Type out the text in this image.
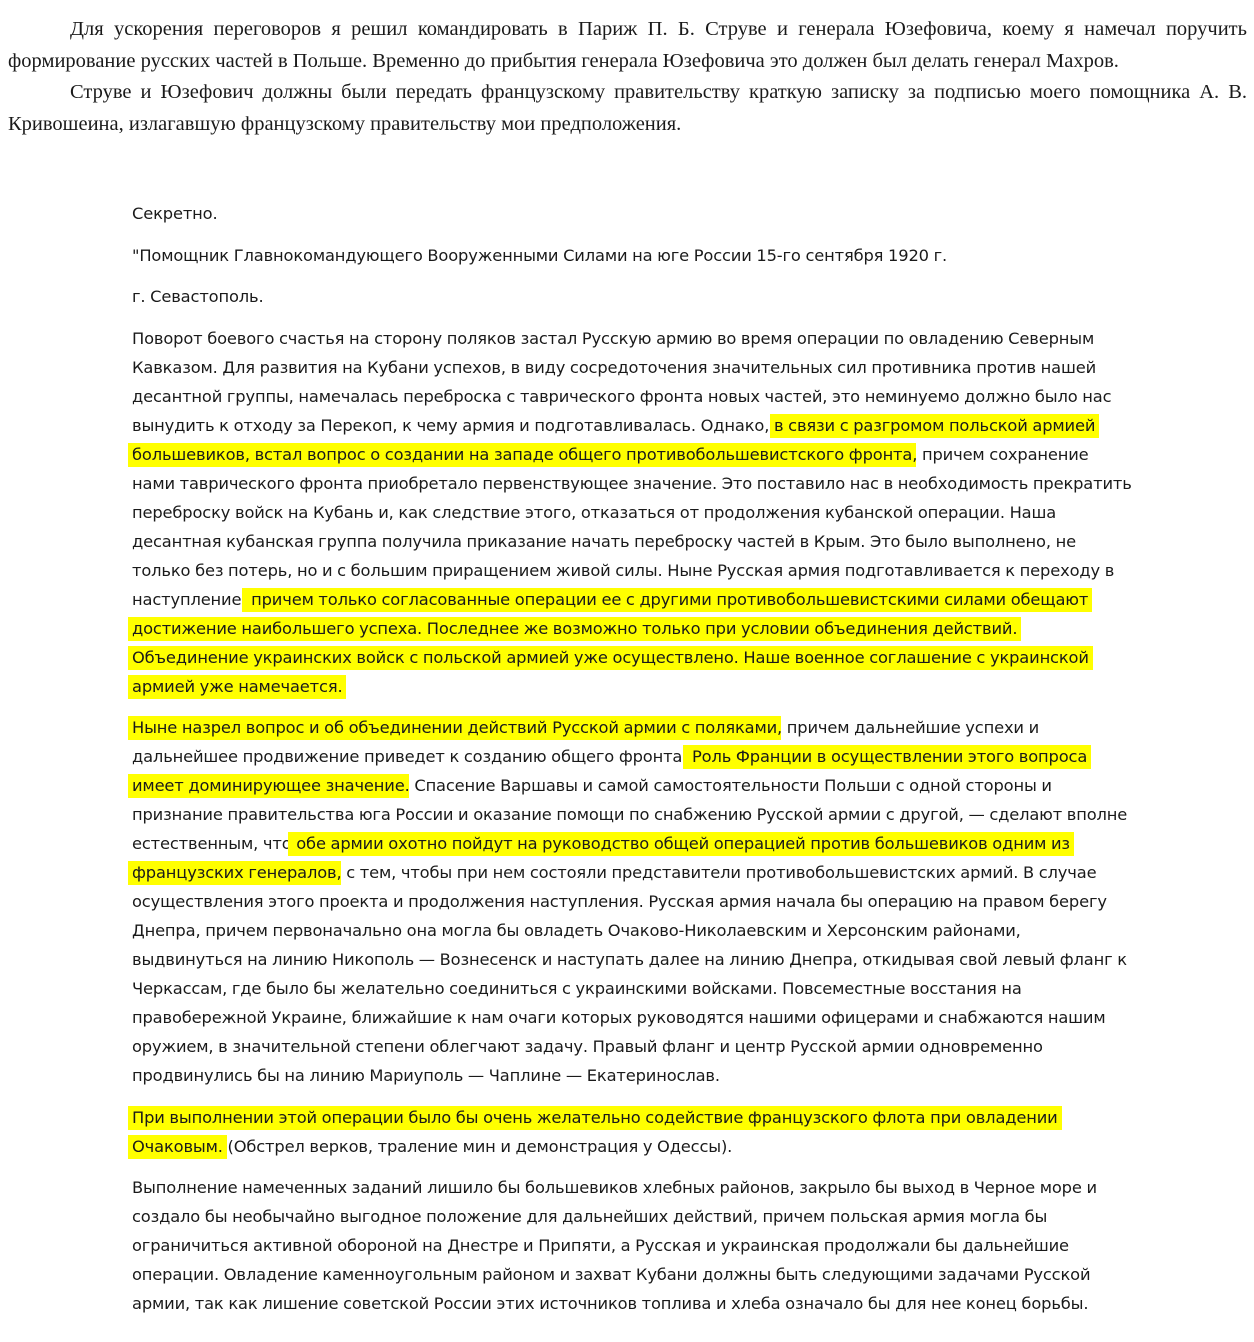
Для ускорения переговоров я решил командировать в Париж П. Б. Струве и генерала Юзефовича, коему я намечал поручить формирование русских частей в Польше. Временно до прибытия генерала Юзефовича это должен был делать генерал Махров.

Струве и Юзефович должны были передать французскому правительству краткую записку за подписью моего помощника А. В. Кривошеина, излагавшую французскому правительству мои предположения.

Секретно.

"Помощник Главнокомандующего Вооруженными Силами на юге России 15-го сентября 1920 г.

г. Севастополь.

Поворот боевого счастья на сторону поляков застал Русскую армию во время операции по овладению Северным Кавказом. Для развития на Кубани успехов, в виду сосредоточения значительных сил противника против нашей десантной группы, намечалась переброска с таврического фронта новых частей, это неминуемо должно было нас вынудить к отходу за Перекоп, к чему армия и подготавливалась. Однако, в связи с разгромом польской армией большевиков, встал вопрос о создании на западе общего противобольшевистского фронта, причем сохранение нами таврического фронта приобретало первенствующее значение. Это поставило нас в необходимость прекратить переброску войск на Кубань и, как следствие этого, отказаться от продолжения кубанской операции. Наша десантная кубанская группа получила приказание начать переброску частей в Крым. Это было выполнено, не только без потерь, но и с большим приращением живой силы. Ныне Русская армия подготавливается к переходу в наступление, причем только согласованные операции ее с другими противобольшевистскими силами обещают достижение наибольшего успеха. Последнее же возможно только при условии объединения действий. Объединение украинских войск с польской армией уже осуществлено. Наше военное соглашение с украинской армией уже намечается.

Ныне назрел вопрос и об объединении действий Русской армии с поляками, причем дальнейшие успехи и дальнейшее продвижение приведет к созданию общего фронта. Роль Франции в осуществлении этого вопроса имеет доминирующее значение. Спасение Варшавы и самой самостоятельности Польши с одной стороны и признание правительства юга России и оказание помощи по снабжению Русской армии с другой, — сделают вполне естественным, что обе армии охотно пойдут на руководство общей операцией против большевиков одним из французских генералов, с тем, чтобы при нем состояли представители противобольшевистских армий. В случае осуществления этого проекта и продолжения наступления. Русская армия начала бы операцию на правом берегу Днепра, причем первоначально она могла бы овладеть Очаково-Николаевским и Херсонским районами, выдвинуться на линию Никополь — Вознесенск и наступать далее на линию Днепра, откидывая свой левый фланг к Черкассам, где было бы желательно соединиться с украинскими войсками. Повсеместные восстания на правобережной Украине, ближайшие к нам очаги которых руководятся нашими офицерами и снабжаются нашим оружием, в значительной степени облегчают задачу. Правый фланг и центр Русской армии одновременно продвинулись бы на линию Мариуполь — Чаплине — Екатеринослав.

При выполнении этой операции было бы очень желательно содействие французского флота при овладении Очаковым. (Обстрел верков, траление мин и демонстрация у Одессы).

Выполнение намеченных заданий лишило бы большевиков хлебных районов, закрыло бы выход в Черное море и создало бы необычайно выгодное положение для дальнейших действий, причем польская армия могла бы ограничиться активной обороной на Днестре и Припяти, а Русская и украинская продолжали бы дальнейшие операции. Овладение каменноугольным районом и захват Кубани должны быть следующими задачами Русской армии, так как лишение советской России этих источников топлива и хлеба означало бы для нее конец борьбы.
